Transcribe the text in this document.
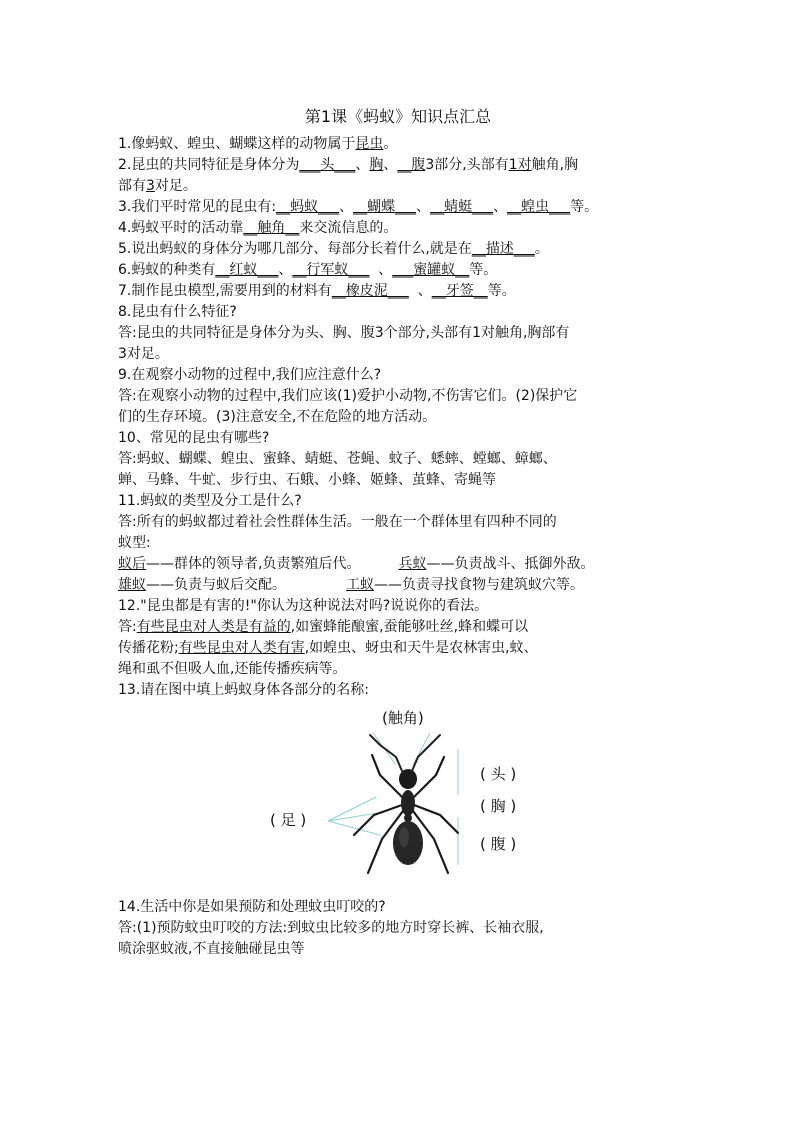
第1课《蚂蚁》知识点汇总

1.像蚂蚁、蝗虫、蝴蝶这样的动物属于昆虫。

2.昆虫的共同特征是身体分为___头___、胸、__腹3部分,头部有1对触角,胸

部有3对足。

3.我们平时常见的昆虫有:__蚂蚁___、__蝴蝶___、__蜻蜓___、__蝗虫___等。

4.蚂蚁平时的活动靠__触角__来交流信息的。

5.说出蚂蚁的身体分为哪几部分、每部分长着什么,就是在__描述___。

6.蚂蚁的种类有__红蚁___、__行军蚁___  、___蜜罐蚁__等。

7.制作昆虫模型,需要用到的材料有__橡皮泥___  、__牙签__等。

8.昆虫有什么特征?

答:昆虫的共同特征是身体分为头、胸、腹3个部分,头部有1对触角,胸部有

3对足。

9.在观察小动物的过程中,我们应注意什么?

答:在观察小动物的过程中,我们应该(1)爱护小动物,不伤害它们。(2)保护它

们的生存环境。(3)注意安全,不在危险的地方活动。

10、常见的昆虫有哪些?

答:蚂蚁、蝴蝶、蝗虫、蜜蜂、蜻蜓、苍蝇、蚊子、蟋蟀、螳螂、蟑螂、

蝉、马蜂、牛虻、步行虫、石蛾、小蜂、姬蜂、茧蜂、寄蝇等

11.蚂蚁的类型及分工是什么?

答:所有的蚂蚁都过着社会性群体生活。一般在一个群体里有四种不同的

蚁型:

蚁后——群体的领导者,负责繁殖后代。	兵蚁——负责战斗、抵御外敌。

雄蚁——负责与蚁后交配。	工蚁——负责寻找食物与建筑蚁穴等。

12."昆虫都是有害的!"你认为这种说法对吗?说说你的看法。

答:有些昆虫对人类是有益的,如蜜蜂能酿蜜,蚕能够吐丝,蜂和蝶可以

传播花粉;有些昆虫对人类有害,如蝗虫、蚜虫和天牛是农林害虫,蚊、

绳和虱不但吸人血,还能传播疾病等。

13.请在图中填上蚂蚁身体各部分的名称:

(触角)
( 足 )
( 头 )
( 胸 )
( 腹 )

14.生活中你是如果预防和处理蚊虫叮咬的?

答:(1)预防蚊虫叮咬的方法:到蚊虫比较多的地方时穿长裤、长袖衣服,

喷涂驱蚊液,不直接触碰昆虫等
